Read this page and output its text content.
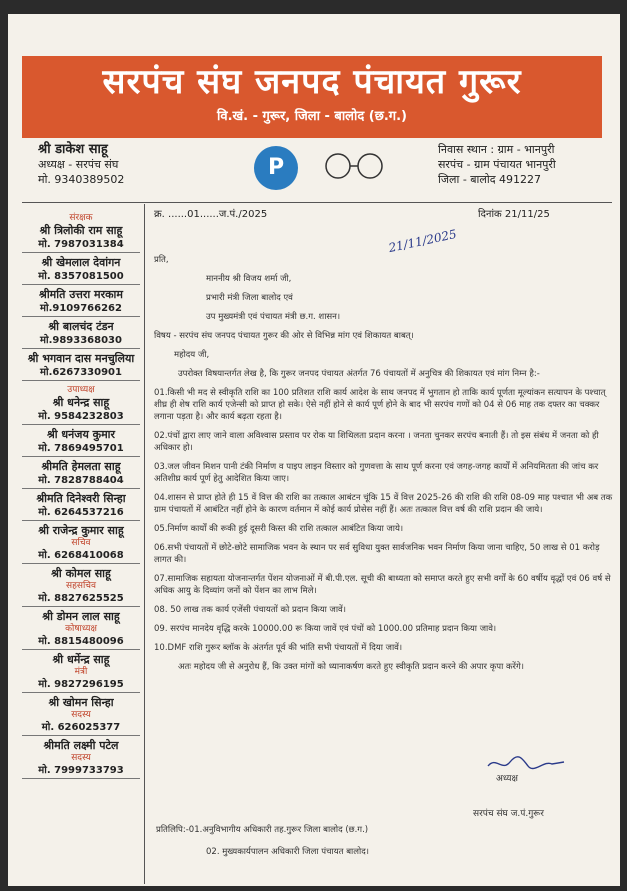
सरपंच संघ जनपद पंचायत गुरूर
वि.खं. - गुरूर, जिला - बालोद (छ.ग.)
श्री डाकेश साहू
अध्यक्ष - सरपंच संघ
मो. 9340389502	P
निवास स्थान : ग्राम - भानपुरी
सरपंच - ग्राम पंचायत भानपुरी
जिला - बालोद 491227
संरक्षक
श्री त्रिलोकी राम साहू
मो. 7987031384
श्री खेमलाल देवांगन
मो. 8357081500
श्रीमति उत्तरा मरकाम
मो.9109766262
श्री बालचंद टंडन
मो.9893368030
श्री भगवान दास मनचुलिया
मो.6267330901
उपाध्यक्ष
श्री धनेन्द्र साहू
मो. 9584232803
श्री धनंजय कुमार
मो. 7869495701
श्रीमति हेमलता साहू
मो. 7828788404
श्रीमति दिनेश्वरी सिन्हा
मो. 6264537216
श्री राजेन्द्र कुमार साहू
सचिव
मो. 6268410068
श्री कोमल साहू
सहसचिव
मो. 8827625525
श्री डोमन लाल साहू
कोषाध्यक्ष
मो. 8815480096
श्री धर्मेन्द्र साहू
मंत्री
मो. 9827296195
श्री खोमन सिन्हा
सदस्य
मो. 626025377
श्रीमति लक्ष्मी पटेल
सदस्य
मो. 7999733793
क्र. ......01......ज.पं./2025	दिनांक 21/11/25
21/11/2025
प्रति,
माननीय श्री विजय शर्मा जी,
प्रभारी मंत्री जिला बालोद एवं
उप मुख्यमंत्री एवं पंचायत मंत्री छ.ग. शासन।
विषय - सरपंच संघ जनपद पंचायत गुरूर की ओर से विभिन्न मांग एवं शिकायत बाबत्।
महोदय जी,
उपरोक्त विषयान्तर्गत लेख है, कि गुरूर जनपद पंचायत अंतर्गत 76 पंचायतों में अनुचित्र की शिकायत एवं मांग निम्न है:-
01.किसी भी मद से स्वीकृति राशि का 100 प्रतिशत राशि कार्य आदेश के साथ जनपद में भुगतान हो ताकि कार्य पूर्णता मूल्यांकन सत्यापन के पश्चात् शीघ्र ही शेष राशि कार्य एजेन्सी को प्राप्त हो सके। ऐसे नहीं होने से कार्य पूर्ण होने के बाद भी सरपंच गणों को 04 से 06 माह तक दफ्तर का चक्कर लगाना पड़ता है। और कार्य बढ़ता रहता है।
02.पंचों द्वारा लाए जाने वाला अविश्वास प्रस्ताव पर रोक या शिथिलता प्रदान करना । जनता चुनकर सरपंच बनाती हैं। तो इस संबंध में जनता को ही अधिकार हो।
03.जल जीवन मिशन पानी टंकी निर्माण व पाइप लाइन विस्तार को गुणवत्ता के साथ पूर्ण करना एवं जगह-जगह कार्यों में अनियमितता की जांच कर अतिशीघ्र कार्य पूर्ण हेतु आदेशित किया जाए।
04.शासन से प्राप्त होते ही 15 वें वित्त की राशि का तत्काल आबंटन चूंकि 15 वें वित्त 2025-26 की राशि की राशि 08-09 माह पश्चात भी अब तक ग्राम पंचायतों में आबंटित नहीं होने के कारण वर्तमान में कोई कार्य प्रोसेस नहीं हैं। अतः तत्काल वित्त वर्ष की राशि प्रदान की जाये।
05.निर्माण कार्यों की रूकी हुई दूसरी किस्त की राशि तत्काल आबंटित किया जाये।
06.सभी पंचायतों में छोटे-छोटे सामाजिक भवन के स्थान पर सर्व सुविधा युक्त सार्वजनिक भवन निर्माण किया जाना चाहिए, 50 लाख से 01 करोड़ लागत की।
07.सामाजिक सहायता योजनान्तर्गत पेंशन योजनाओं में बी.पी.एल. सूची की बाध्यता को समाप्त करते हुए सभी वर्गों के 60 वर्षीय वृद्धों एवं 06 वर्ष से अधिक आयु के दिव्यांग जनों को पेंशन का लाभ मिले।
08. 50 लाख तक कार्य एजेंसी पंचायतों को प्रदान किया जावें।
09. सरपंच मानदेय वृद्धि करके 10000.00 रू किया जावें एवं पंचों को 1000.00 प्रतिमाह प्रदान किया जावे।
10.DMF राशि गुरूर ब्लॉक के अंतर्गत पूर्व की भांति सभी पंचायतों में दिया जावें।
अतः महोदय जी से अनुरोध हैं, कि उक्त मांगों को ध्यानाकर्षण करते हुए स्वीकृति प्रदान करने की अपार कृपा करेंगे।
अध्यक्ष
सरपंच संघ ज.पं.गुरूर
प्रतिलिपि:-01.अनुविभागीय अधिकारी तह.गुरूर जिला बालोद (छ.ग.)
02. मुख्यकार्यपालन अधिकारी जिला पंचायत बालोद।
